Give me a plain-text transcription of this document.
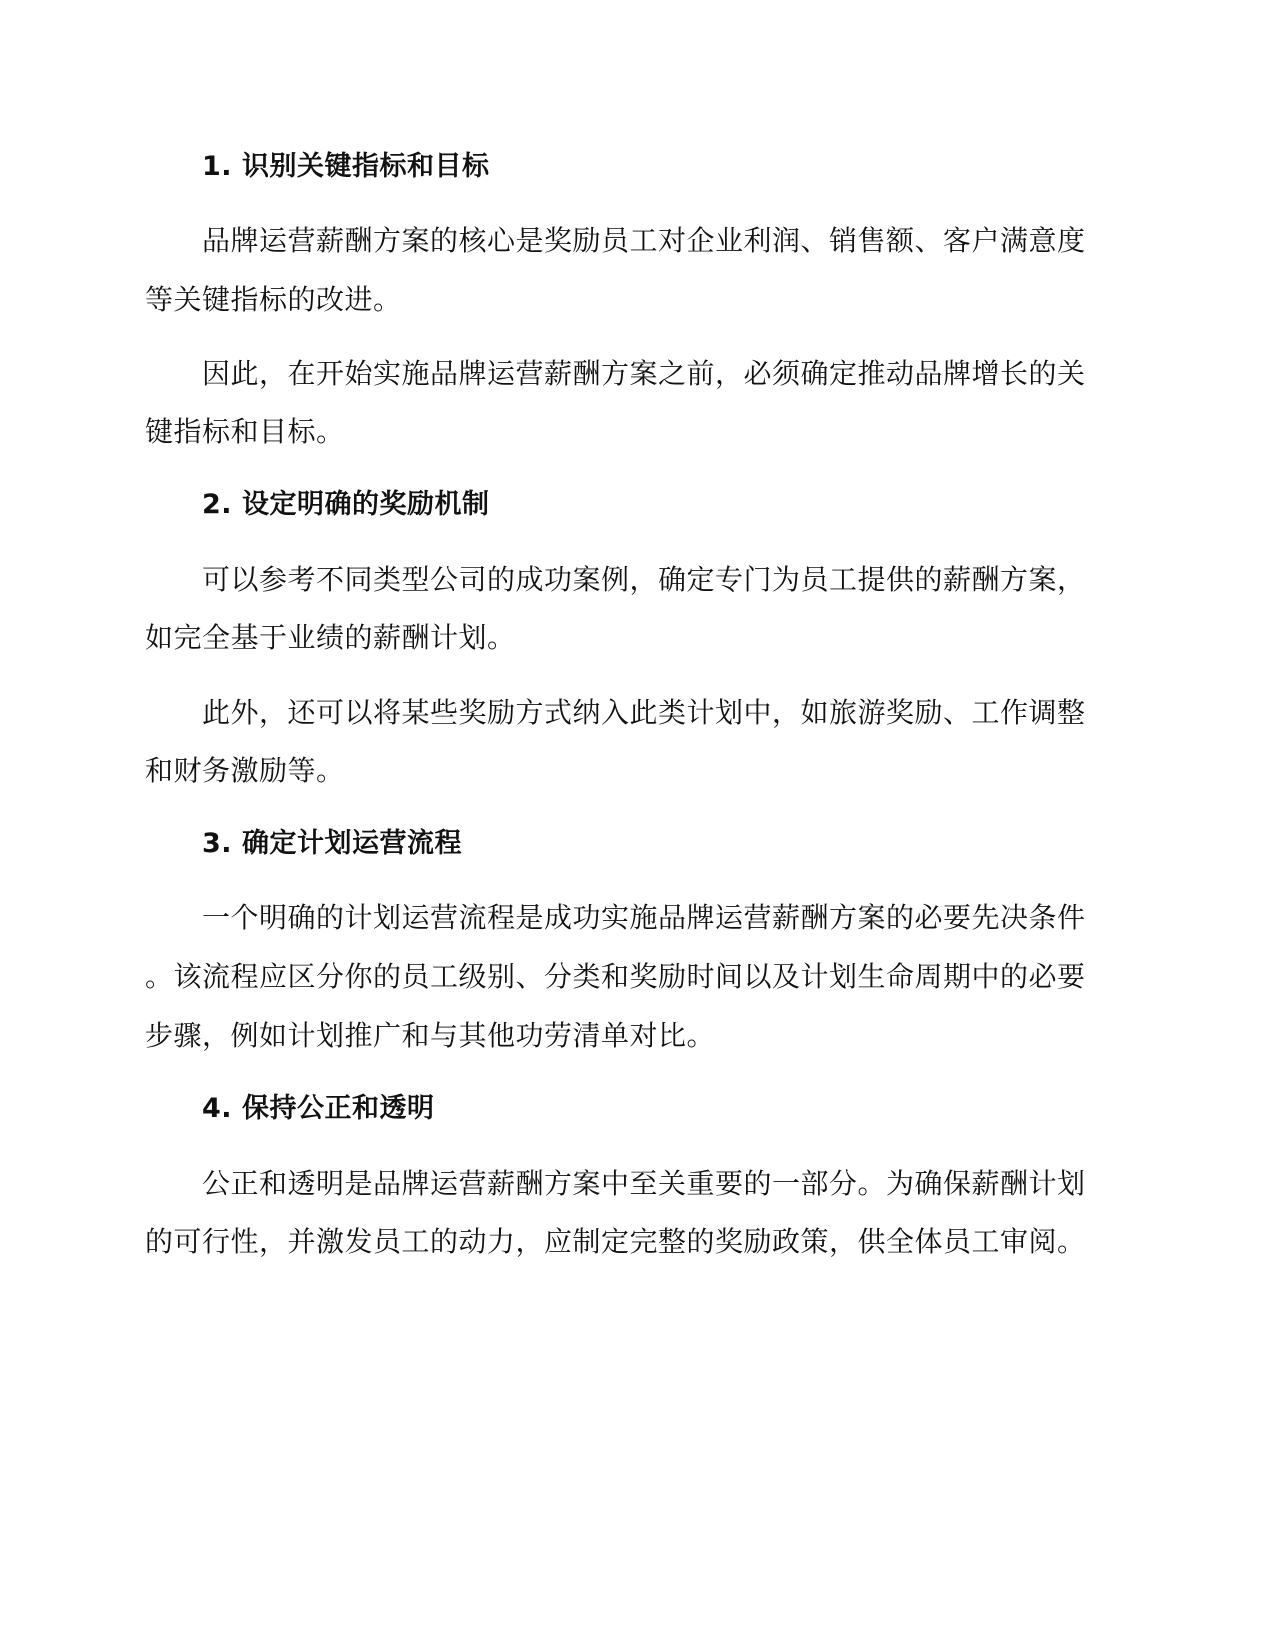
1. 识别关键指标和目标
品牌运营薪酬方案的核心是奖励员工对企业利润、销售额、客户满意度
等关键指标的改进。
因此，在开始实施品牌运营薪酬方案之前，必须确定推动品牌增长的关
键指标和目标。
2. 设定明确的奖励机制
可以参考不同类型公司的成功案例，确定专门为员工提供的薪酬方案，
如完全基于业绩的薪酬计划。
此外，还可以将某些奖励方式纳入此类计划中，如旅游奖励、工作调整
和财务激励等。
3. 确定计划运营流程
一个明确的计划运营流程是成功实施品牌运营薪酬方案的必要先决条件
。该流程应区分你的员工级别、分类和奖励时间以及计划生命周期中的必要
步骤，例如计划推广和与其他功劳清单对比。
4. 保持公正和透明
公正和透明是品牌运营薪酬方案中至关重要的一部分。为确保薪酬计划
的可行性，并激发员工的动力，应制定完整的奖励政策，供全体员工审阅。
